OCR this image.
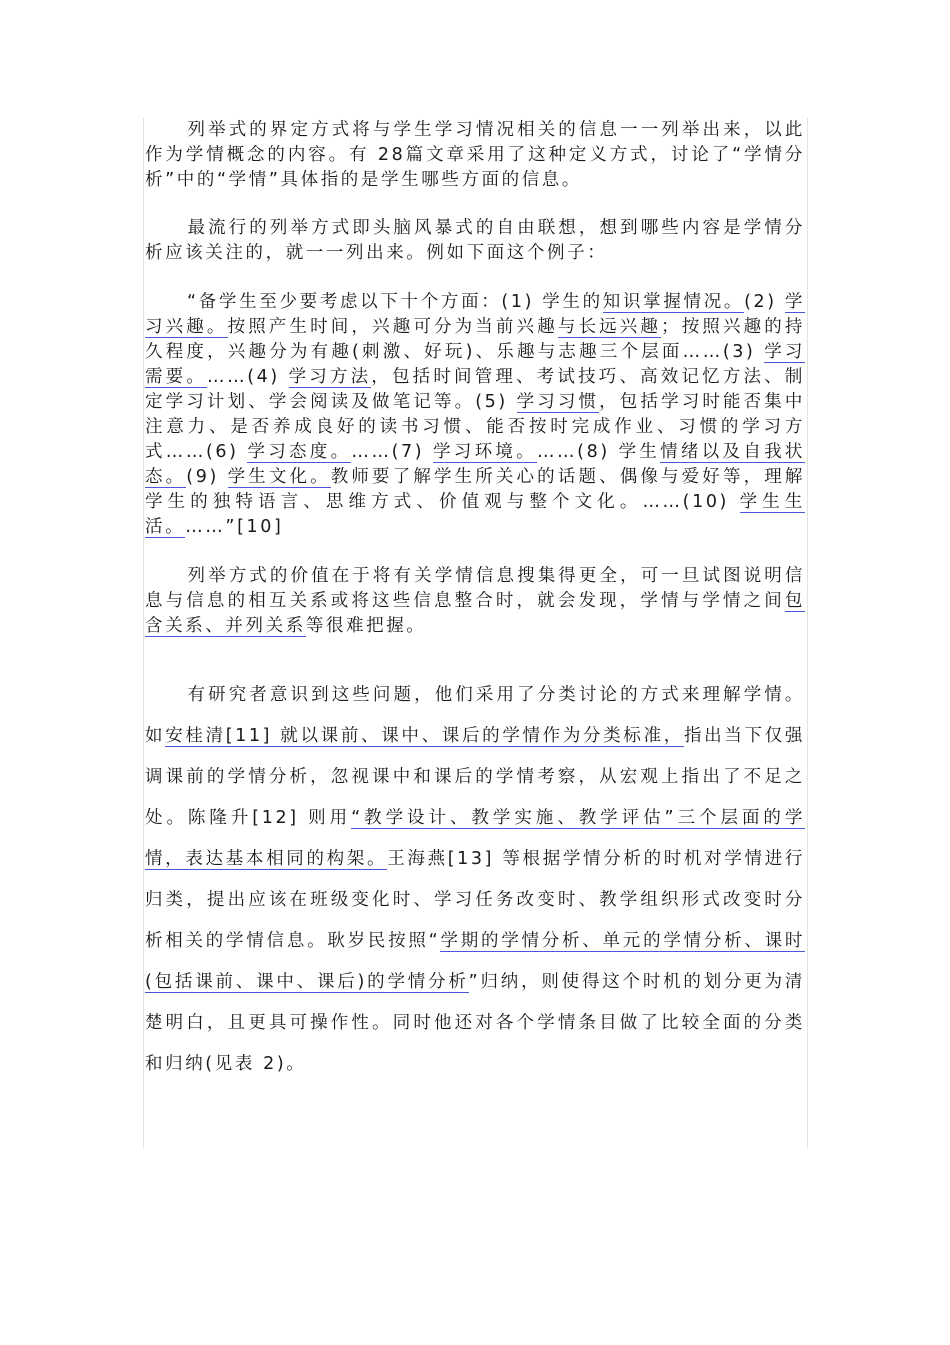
列举式的界定方式将与学生学习情况相关的信息一一列举出来，以此作为学情概念的内容。有 28篇文章采用了这种定义方式，讨论了“学情分析”中的“学情”具体指的是学生哪些方面的信息。

最流行的列举方式即头脑风暴式的自由联想，想到哪些内容是学情分析应该关注的，就一一列出来。例如下面这个例子：

“备学生至少要考虑以下十个方面：(1) 学生的知识掌握情况。(2) 学习兴趣。按照产生时间，兴趣可分为当前兴趣与长远兴趣；按照兴趣的持久程度，兴趣分为有趣(刺激、好玩)、乐趣与志趣三个层面……(3) 学习需要。……(4) 学习方法，包括时间管理、考试技巧、高效记忆方法、制定学习计划、学会阅读及做笔记等。(5) 学习习惯，包括学习时能否集中注意力、是否养成良好的读书习惯、能否按时完成作业、习惯的学习方式……(6) 学习态度。……(7) 学习环境。……(8) 学生情绪以及自我状态。(9) 学生文化。教师要了解学生所关心的话题、偶像与爱好等，理解学生的独特语言、思维方式、价值观与整个文化。……(10) 学生生活。……”[10]

列举方式的价值在于将有关学情信息搜集得更全，可一旦试图说明信息与信息的相互关系或将这些信息整合时，就会发现，学情与学情之间包含关系、并列关系等很难把握。

有研究者意识到这些问题，他们采用了分类讨论的方式来理解学情。如安桂清[11] 就以课前、课中、课后的学情作为分类标准，指出当下仅强调课前的学情分析，忽视课中和课后的学情考察，从宏观上指出了不足之处。陈隆升[12] 则用“教学设计、教学实施、教学评估”三个层面的学情，表达基本相同的构架。王海燕[13] 等根据学情分析的时机对学情进行归类，提出应该在班级变化时、学习任务改变时、教学组织形式改变时分析相关的学情信息。耿岁民按照“学期的学情分析、单元的学情分析、课时(包括课前、课中、课后)的学情分析”归纳，则使得这个时机的划分更为清楚明白，且更具可操作性。同时他还对各个学情条目做了比较全面的分类和归纳(见表 2)。
